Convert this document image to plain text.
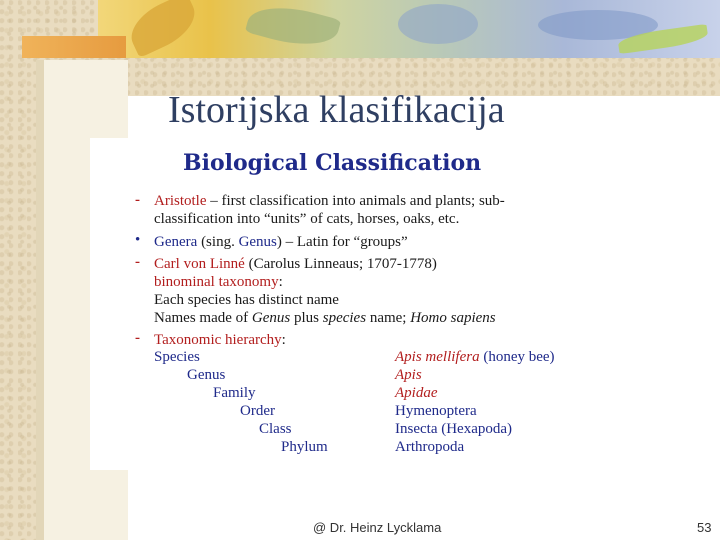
Istorijska klasifikacija
Biological Classification
- Aristotle – first classification into animals and plants; sub-
classification into “units” of cats, horses, oaks, etc.
• Genera (sing. Genus) – Latin for “groups”
- Carl von Linné (Carolus Linneaus; 1707-1778)
binominal taxonomy:
Each species has distinct name
Names made of Genus plus species name; Homo sapiens
- Taxonomic hierarchy:
Species
Genus
Family
Order
Class
Phylum
Apis mellifera (honey bee)
Apis
Apidae
Hymenoptera
Insecta (Hexapoda)
Arthropoda
@ Dr. Heinz Lycklama	53
